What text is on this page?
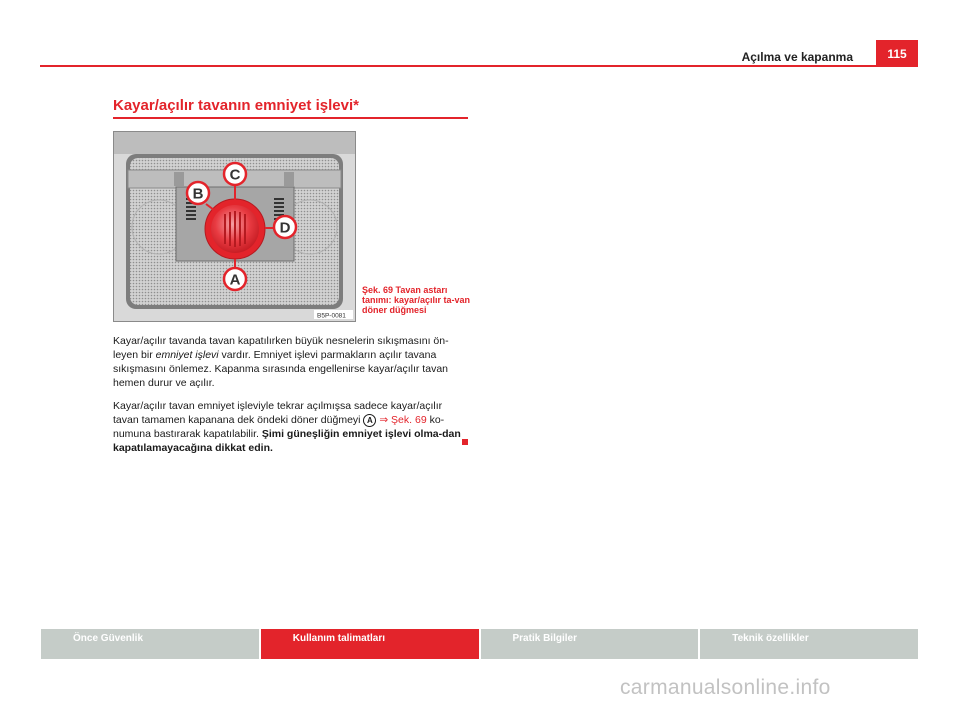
Açılma ve kapanma	115
Kayar/açılır tavanın emniyet işlevi*
C
B
D
A
B5P-0081
Şek. 69 Tavan astarı tanımı: kayar/açılır ta-van döner düğmesi

Kayar/açılır tavanda tavan kapatılırken büyük nesnelerin sıkışmasını ön-leyen bir emniyet işlevi vardır. Emniyet işlevi parmakların açılır tavana sıkışmasını önlemez. Kapanma sırasında engellenirse kayar/açılır tavan hemen durur ve açılır.

Kayar/açılır tavan emniyet işleviyle tekrar açılmışsa sadece kayar/açılır tavan tamamen kapanana dek öndeki döner düğmeyi A ⇒ Şek. 69 ko-numuna bastırarak kapatılabilir. Şimi güneşliğin emniyet işlevi olma-dan kapatılamayacağına dikkat edin.

Önce Güvenlik	Kullanım talimatları	Pratik Bilgiler	Teknik özellikler
carmanualsonline.info
